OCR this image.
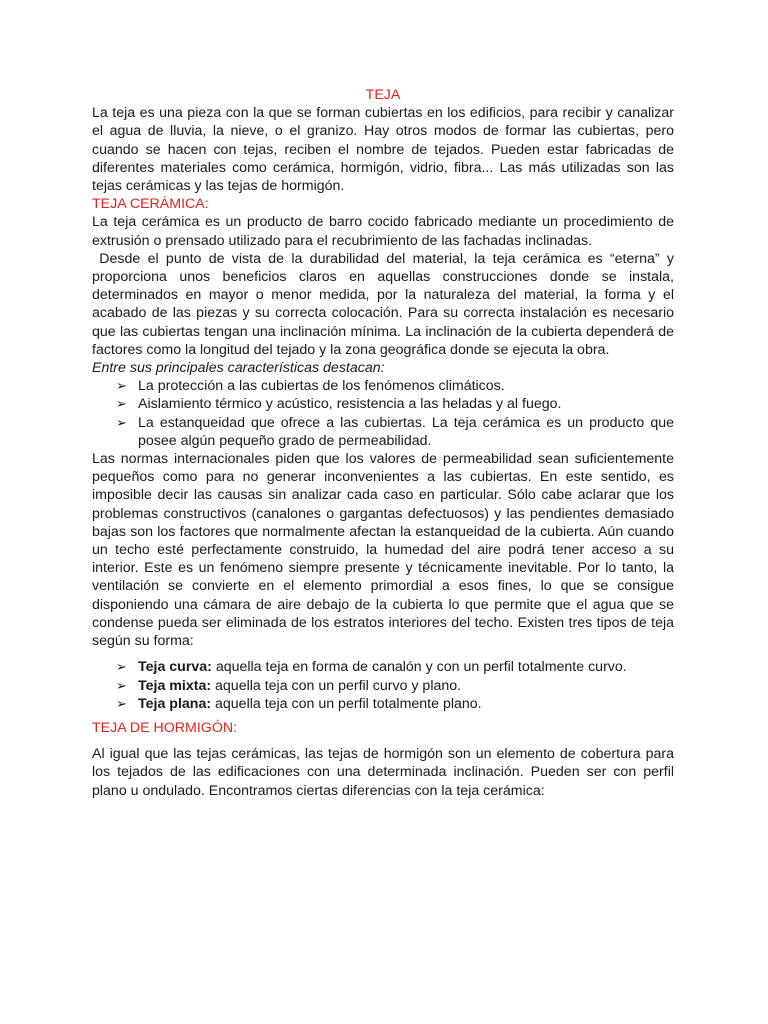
TEJA

La teja es una pieza con la que se forman cubiertas en los edificios, para recibir y canalizar el agua de lluvia, la nieve, o el granizo. Hay otros modos de formar las cubiertas, pero cuando se hacen con tejas, reciben el nombre de tejados. Pueden estar fabricadas de diferentes materiales como cerámica, hormigón, vidrio, fibra... Las más utilizadas son las tejas cerámicas y las tejas de hormigón.

TEJA CERÁMICA:

La teja cerámica es un producto de barro cocido fabricado mediante un procedimiento de extrusión o prensado utilizado para el recubrimiento de las fachadas inclinadas.

Desde el punto de vista de la durabilidad del material, la teja cerámica es “eterna” y proporciona unos beneficios claros en aquellas construcciones donde se instala, determinados en mayor o menor medida, por la naturaleza del material, la forma y el acabado de las piezas y su correcta colocación. Para su correcta instalación es necesario que las cubiertas tengan una inclinación mínima. La inclinación de la cubierta dependerá de factores como la longitud del tejado y la zona geográfica donde se ejecuta la obra.

Entre sus principales características destacan:

➢ La protección a las cubiertas de los fenómenos climáticos.
➢ Aislamiento térmico y acústico, resistencia a las heladas y al fuego.
➢ La estanqueidad que ofrece a las cubiertas. La teja cerámica es un producto que posee algún pequeño grado de permeabilidad.

Las normas internacionales piden que los valores de permeabilidad sean suficientemente pequeños como para no generar inconvenientes a las cubiertas. En este sentido, es imposible decir las causas sin analizar cada caso en particular. Sólo cabe aclarar que los problemas constructivos (canalones o gargantas defectuosos) y las pendientes demasiado bajas son los factores que normalmente afectan la estanqueidad de la cubierta. Aún cuando un techo esté perfectamente construido, la humedad del aire podrá tener acceso a su interior. Este es un fenómeno siempre presente y técnicamente inevitable. Por lo tanto, la ventilación se convierte en el elemento primordial a esos fines, lo que se consigue disponiendo una cámara de aire debajo de la cubierta lo que permite que el agua que se condense pueda ser eliminada de los estratos interiores del techo. Existen tres tipos de teja según su forma:

➢ Teja curva: aquella teja en forma de canalón y con un perfil totalmente curvo.
➢ Teja mixta: aquella teja con un perfil curvo y plano.
➢ Teja plana: aquella teja con un perfil totalmente plano.
TEJA DE HORMIGÓN:

Al igual que las tejas cerámicas, las tejas de hormigón son un elemento de cobertura para los tejados de las edificaciones con una determinada inclinación. Pueden ser con perfil plano u ondulado. Encontramos ciertas diferencias con la teja cerámica:
